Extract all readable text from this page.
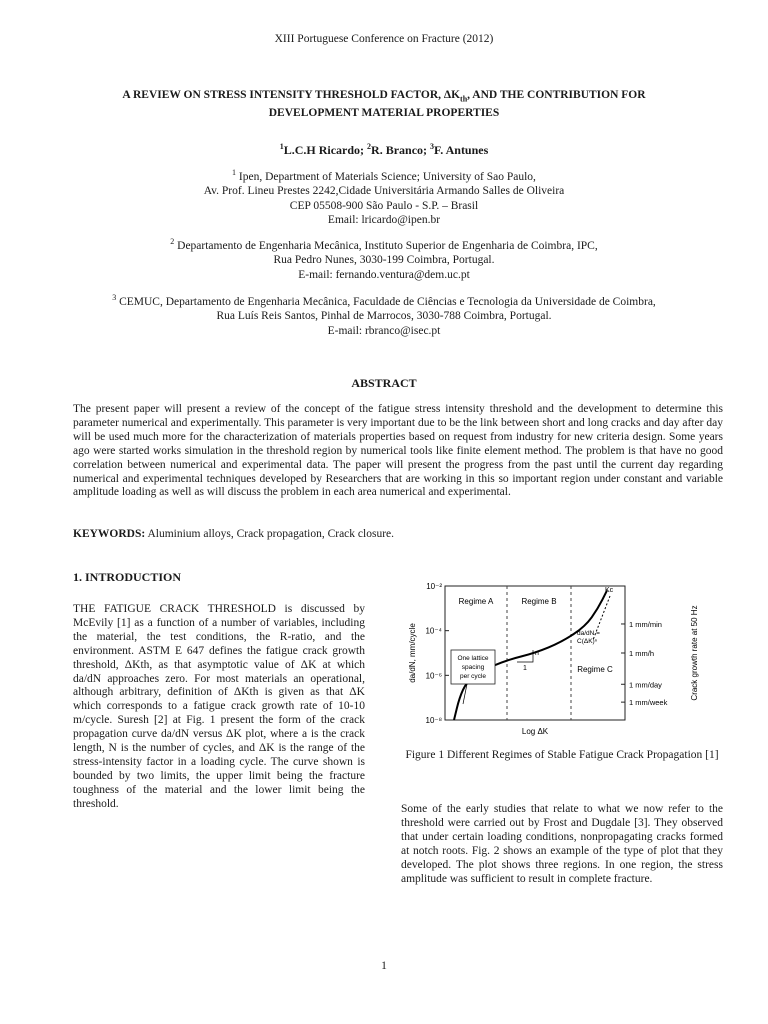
XIII Portuguese Conference on Fracture (2012)
A REVIEW ON STRESS INTENSITY THRESHOLD FACTOR, $\Delta K_{th}$, AND THE CONTRIBUTION FOR
DEVELOPMENT MATERIAL PROPERTIES
$^1$L.C.H Ricardo; $^2$R. Branco; $^3$F. Antunes
$^1$ Ipen, Department of Materials Science; University of Sao Paulo,
Av. Prof. Lineu Prestes 2242,Cidade Universitária Armando Salles de Oliveira
CEP 05508-900 São Paulo - S.P. – Brasil
Email: lricardo@ipen.br
$^2$ Departamento de Engenharia Mecânica, Instituto Superior de Engenharia de Coimbra, IPC,
Rua Pedro Nunes, 3030-199 Coimbra, Portugal.
E-mail: fernando.ventura@dem.uc.pt
$^3$ CEMUC, Departamento de Engenharia Mecânica, Faculdade de Ciências e Tecnologia da Universidade de Coimbra,
Rua Luís Reis Santos, Pinhal de Marrocos, 3030-788 Coimbra, Portugal.
E-mail: rbranco@isec.pt
ABSTRACT
The present paper will present a review of the concept of the fatigue stress intensity threshold and the development to determine this parameter numerical and experimentally. This parameter is very important due to be the link between short and long cracks and day after day will be used much more for the characterization of materials properties based on request from industry for new criteria design. Some years ago were started works simulation in the threshold region by numerical tools like finite element method. The problem is that have no good correlation between numerical and experimental data. The paper will present the progress from the past until the current day regarding numerical and experimental techniques developed by Researchers that are working in this so important region under constant and variable amplitude loading as well as will discuss the problem in each area numerical and experimental.
KEYWORDS: Aluminium alloys, Crack propagation, Crack closure.
1. INTRODUCTION
THE FATIGUE CRACK THRESHOLD is discussed by McEvily [1] as a function of a number of variables, including the material, the test conditions, the R-ratio, and the environment. ASTM E 647 defines the fatigue crack growth threshold, ΔKth, as that asymptotic value of ΔK at which da/dN approaches zero. For most materials an operational, although arbitrary, definition of ΔKth is given as that ΔK which corresponds to a fatigue crack growth rate of 10-10 m/cycle. Suresh [2] at Fig. 1 present the form of the crack propagation curve da/dN versus ΔK plot, where a is the crack length, N is the number of cycles, and ΔK is the range of the stress-intensity factor in a loading cycle. The curve shown is bounded by two limits, the upper limit being the fracture toughness of the material and the lower limit being the threshold.
10⁻²
10⁻⁴
10⁻⁶
10⁻⁸
1 mm/min
1 mm/h
1 mm/day
1 mm/week
Regime A	Regime B
Regime C
Kᴄ
da/dN =
C(ΔK)ⁿ
n
1
One lattice
spacing
per cycle
Log ΔK
da/dN, mm/cycle	Crack growth rate at 50 Hz
Figure 1 Different Regimes of Stable Fatigue Crack Propagation [1]
Some of the early studies that relate to what we now refer to the threshold were carried out by Frost and Dugdale [3]. They observed that under certain loading conditions, nonpropagating cracks formed at notch roots. Fig. 2 shows an example of the type of plot that they developed. The plot shows three regions. In one region, the stress amplitude was sufficient to result in complete fracture.
1
